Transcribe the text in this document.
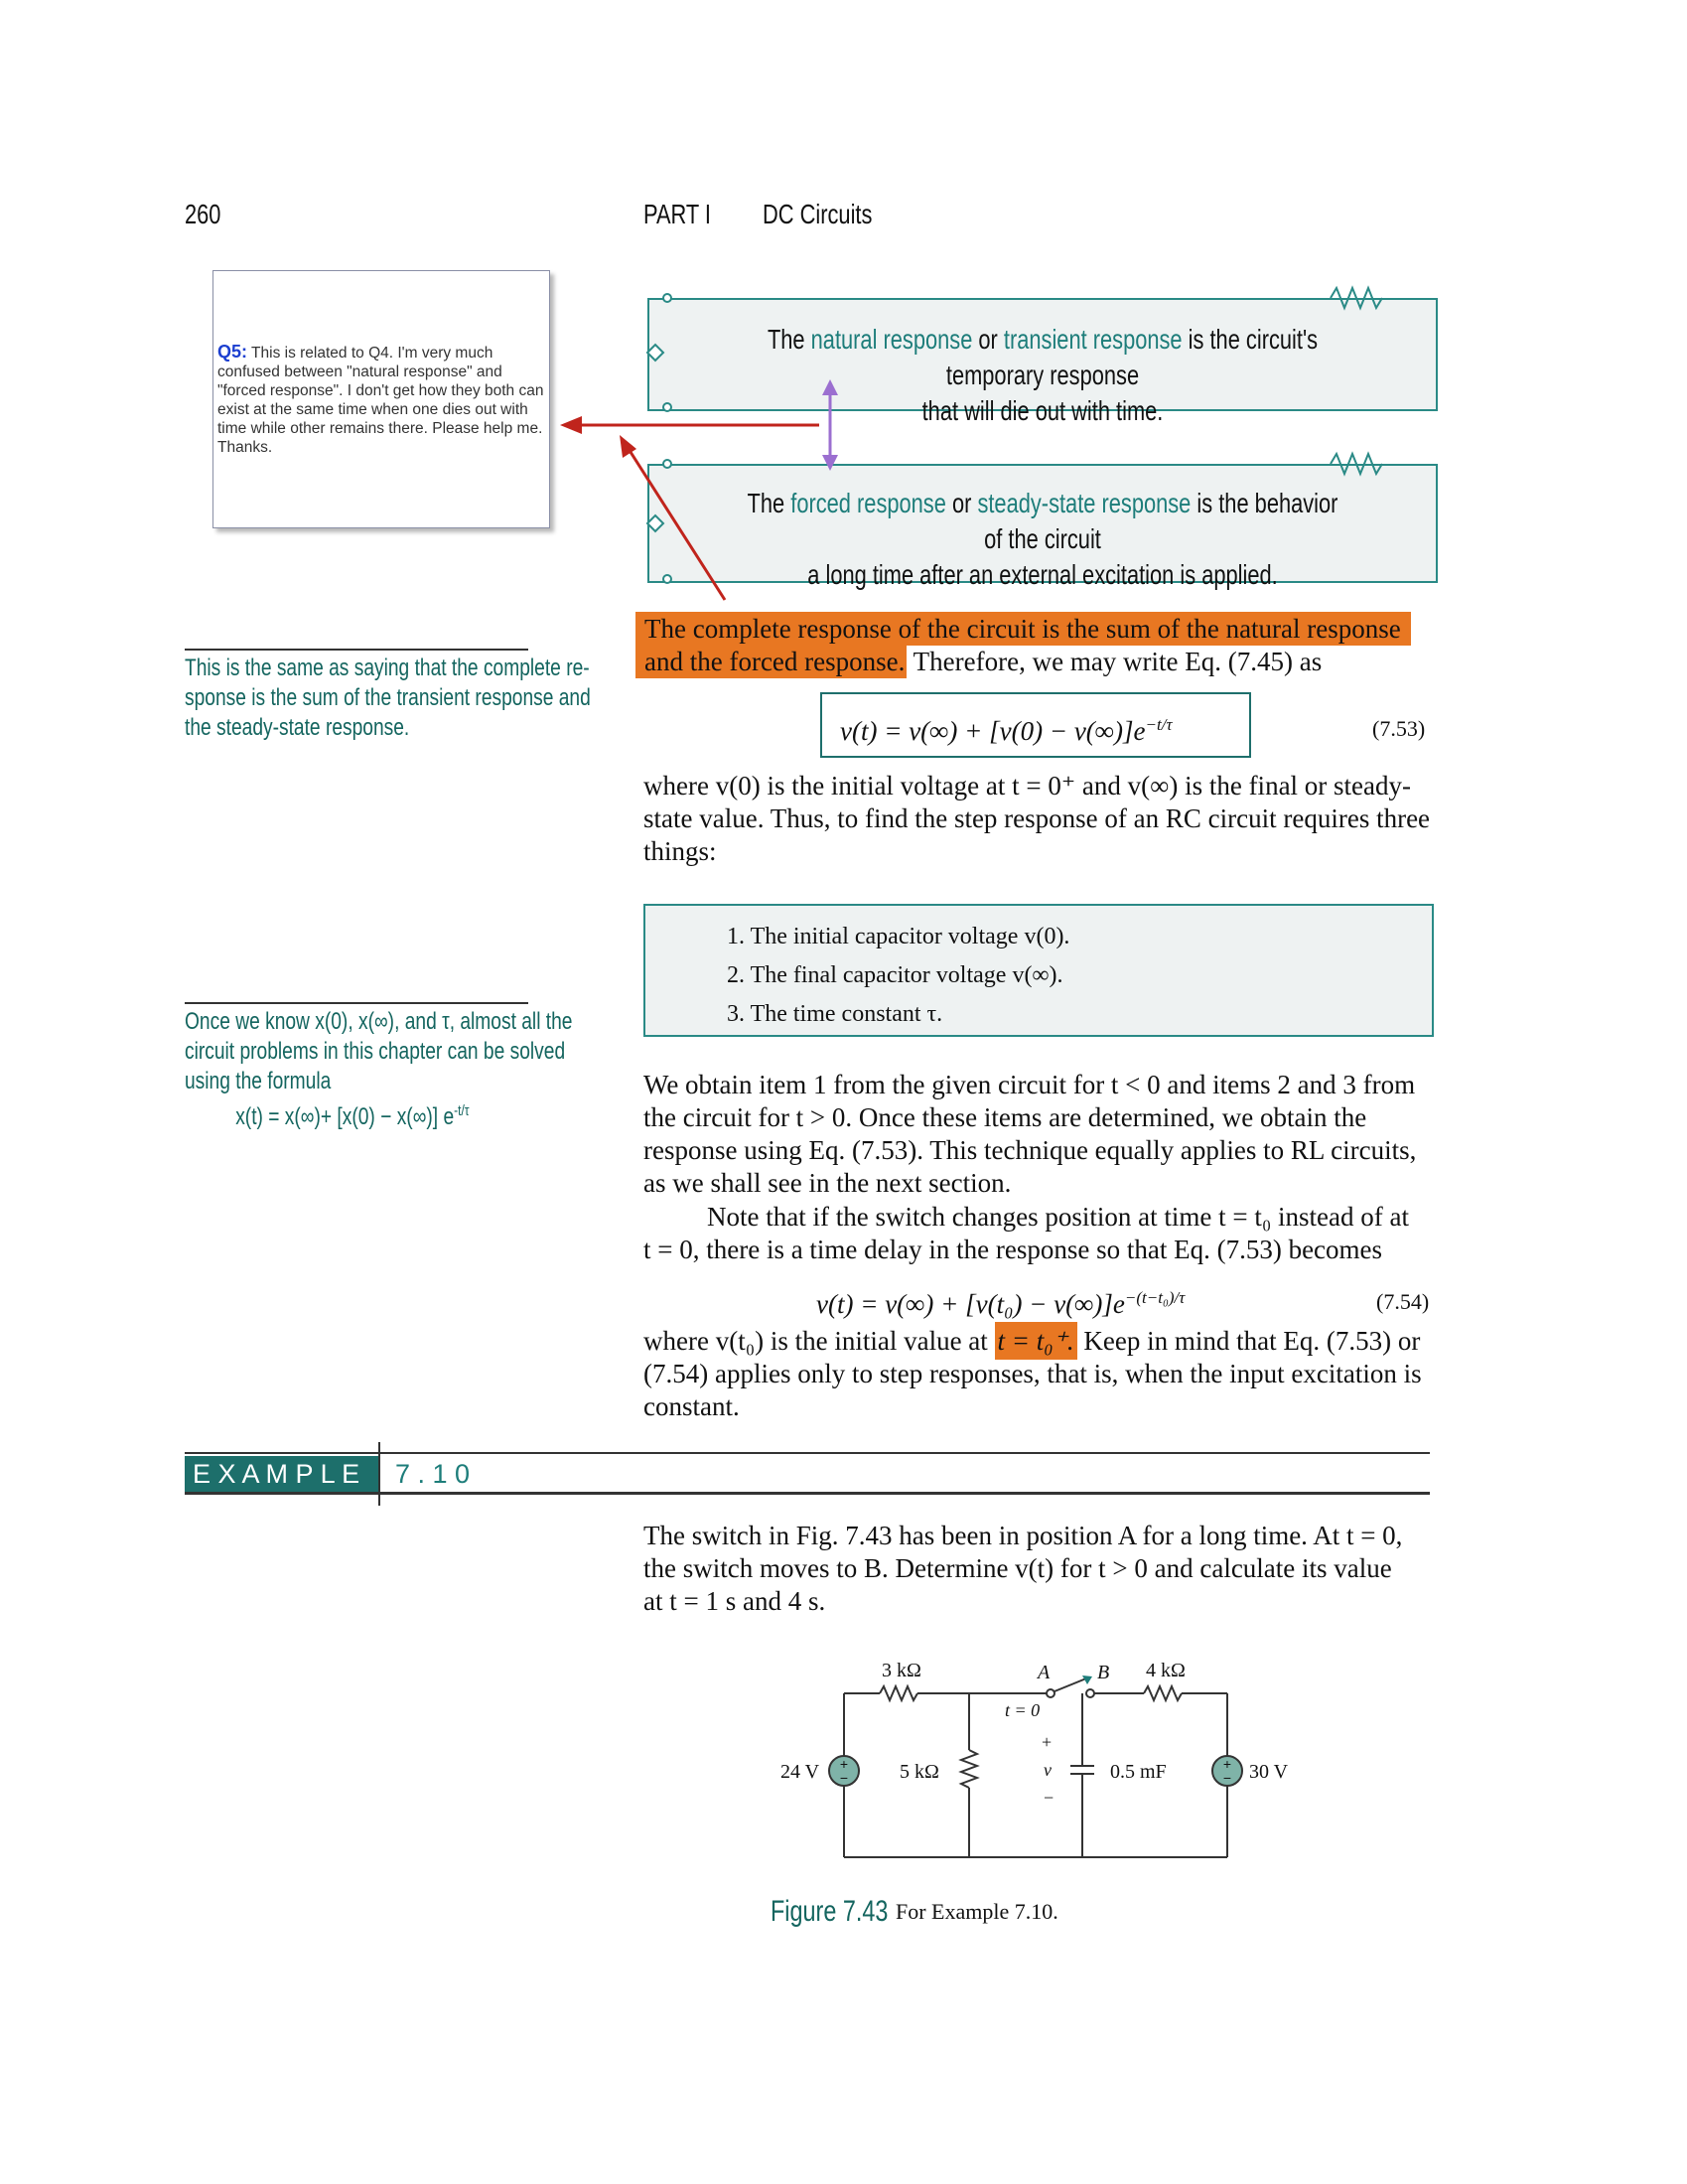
260	PART I DC Circuits
Q5: This is related to Q4. I'm very much confused between "natural response" and "forced response". I don't get how they both can exist at the same time when one dies out with time while other remains there. Please help me. Thanks.
The natural response or transient response is the circuit's temporary response
that will die out with time.
The forced response or steady-state response is the behavior of the circuit
a long time after an external excitation is applied.
The complete response of the circuit is the sum of the natural response
and the forced response. Therefore, we may write Eq. (7.45) as
This is the same as saying that the complete re-
sponse is the sum of the transient response and
the steady-state response.	$v(t) = v(\infty) + [v(0) - v(\infty)]e^{-t/\tau}$	(7.53)
where v(0) is the initial voltage at t = 0⁺ and v(∞) is the final or steady-
state value. Thus, to find the step response of an RC circuit requires three
things:
1. The initial capacitor voltage v(0).
2. The final capacitor voltage v(∞).
3. The time constant τ.
Once we know x(0), x(∞), and τ, almost all the
circuit problems in this chapter can be solved
using the formula
x(t) = x(∞)+ [x(0) − x(∞)] $e^{-t/\tau}$
We obtain item 1 from the given circuit for t < 0 and items 2 and 3 from
the circuit for t > 0. Once these items are determined, we obtain the
response using Eq. (7.53). This technique equally applies to RL circuits,
as we shall see in the next section.
Note that if the switch changes position at time t = t₀ instead of at
t = 0, there is a time delay in the response so that Eq. (7.53) becomes
$v(t) = v(\infty) + [v(t_0) - v(\infty)]e^{-(t-t_0)/\tau}$	(7.54)
where v(t₀) is the initial value at t = t₀⁺. Keep in mind that Eq. (7.53) or
(7.54) applies only to step responses, that is, when the input excitation is
constant.
E X A M P L E	7 . 1 0
The switch in Fig. 7.43 has been in position A for a long time. At t = 0,
the switch moves to B. Determine v(t) for t > 0 and calculate its value
at t = 1 s and 4 s.
+
−
+
−
3 kΩ	4 kΩ
5 kΩ
24 V	30 V
0.5 mF
A B
t = 0
+
v
−
Figure 7.43 For Example 7.10.
